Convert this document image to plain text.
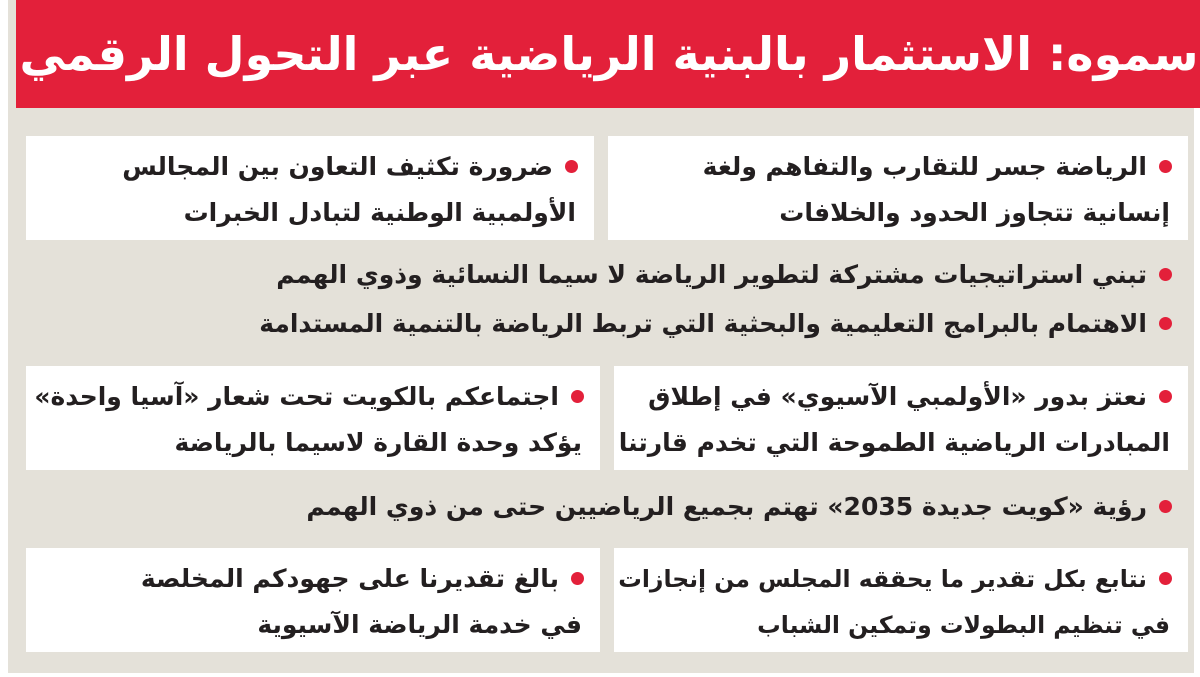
سموه: الاستثمار بالبنية الرياضية عبر التحول الرقمي
الرياضة جسر للتقارب والتفاهم ولغة
إنسانية تتجاوز الحدود والخلافات
ضرورة تكثيف التعاون بين المجالس
الأولمبية الوطنية لتبادل الخبرات
تبني استراتيجيات مشتركة لتطوير الرياضة لا سيما النسائية وذوي الهمم
الاهتمام بالبرامج التعليمية والبحثية التي تربط الرياضة بالتنمية المستدامة
نعتز بدور «الأولمبي الآسيوي» في إطلاق
المبادرات الرياضية الطموحة التي تخدم قارتنا
اجتماعكم بالكويت تحت شعار «آسيا واحدة»
يؤكد وحدة القارة لاسيما بالرياضة
رؤية «كويت جديدة 2035» تهتم بجميع الرياضيين حتى من ذوي الهمم
نتابع بكل تقدير ما يحققه المجلس من إنجازات
في تنظيم البطولات وتمكين الشباب
بالغ تقديرنا على جهودكم المخلصة
في خدمة الرياضة الآسيوية
